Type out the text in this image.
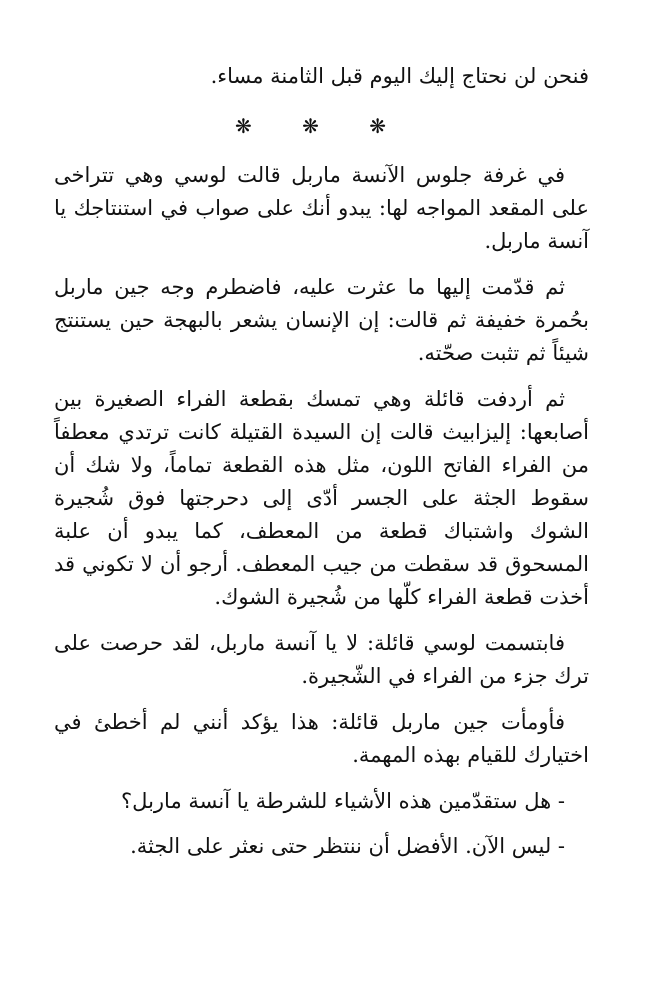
فنحن لن نحتاج إليك اليوم قبل الثامنة مساء.

❋ ❋ ❋

في غرفة جلوس الآنسة ماربل قالت لوسي وهي تتراخى على المقعد المواجه لها: يبدو أنك على صواب في استنتاجك يا آنسة ماربل.

ثم قدّمت إليها ما عثرت عليه، فاضطرم وجه جين ماربل بحُمرة خفيفة ثم قالت: إن الإنسان يشعر بالبهجة حين يستنتج شيئاً ثم تثبت صحّته.

ثم أردفت قائلة وهي تمسك بقطعة الفراء الصغيرة بين أصابعها: إليزابيث قالت إن السيدة القتيلة كانت ترتدي معطفاً من الفراء الفاتح اللون، مثل هذه القطعة تماماً، ولا شك أن سقوط الجثة على الجسر أدّى إلى دحرجتها فوق شُجيرة الشوك واشتباك قطعة من المعطف، كما يبدو أن علبة المسحوق قد سقطت من جيب المعطف. أرجو أن لا تكوني قد أخذت قطعة الفراء كلّها من شُجيرة الشوك.

فابتسمت لوسي قائلة: لا يا آنسة ماربل، لقد حرصت على ترك جزء من الفراء في الشّجيرة.

فأومأت جين ماربل قائلة: هذا يؤكد أنني لم أخطئ في اختيارك للقيام بهذه المهمة.

- هل ستقدّمين هذه الأشياء للشرطة يا آنسة ماربل؟

- ليس الآن. الأفضل أن ننتظر حتى نعثر على الجثة.
